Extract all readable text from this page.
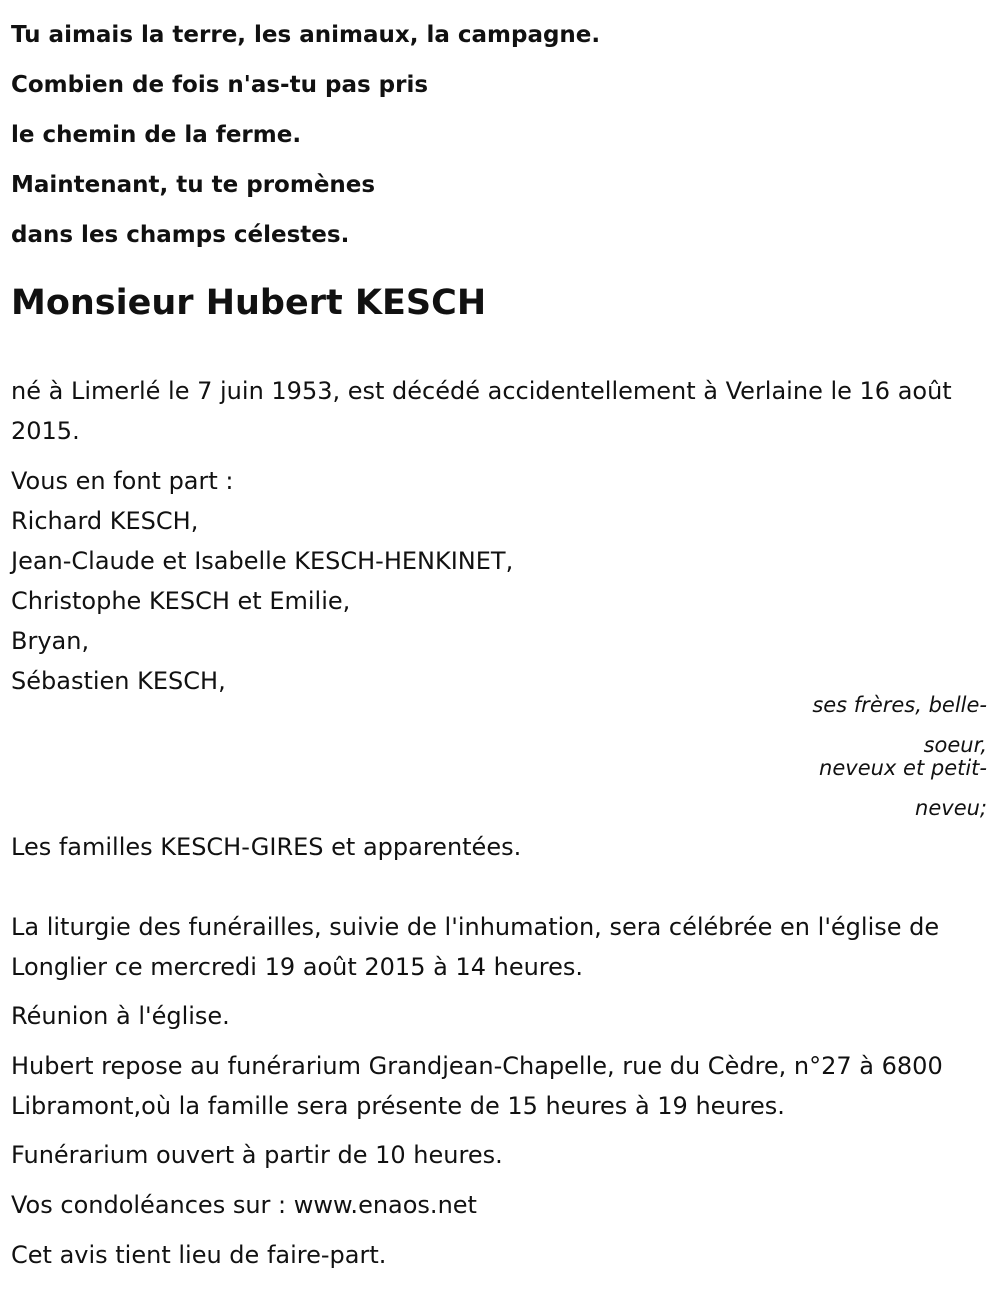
Tu aimais la terre, les animaux, la campagne.
Combien de fois n'as-tu pas pris
le chemin de la ferme.
Maintenant, tu te promènes
dans les champs célestes.
Monsieur Hubert KESCH
né à Limerlé le 7 juin 1953, est décédé accidentellement à Verlaine le 16 août 2015.
Vous en font part :
Richard KESCH,
Jean-Claude et Isabelle KESCH-HENKINET,
Christophe KESCH et Emilie,
Bryan,
Sébastien KESCH,
ses frères, belle-
soeur,
neveux et petit-
neveu;
Les familles KESCH-GIRES et apparentées.
La liturgie des funérailles, suivie de l'inhumation, sera célébrée en l'église de Longlier ce mercredi 19 août 2015 à 14 heures.
Réunion à l'église.
Hubert repose au funérarium Grandjean-Chapelle, rue du Cèdre, n°27 à 6800 Libramont,où la famille sera présente de 15 heures à 19 heures.
Funérarium ouvert à partir de 10 heures.
Vos condoléances sur : www.enaos.net
Cet avis tient lieu de faire-part.
